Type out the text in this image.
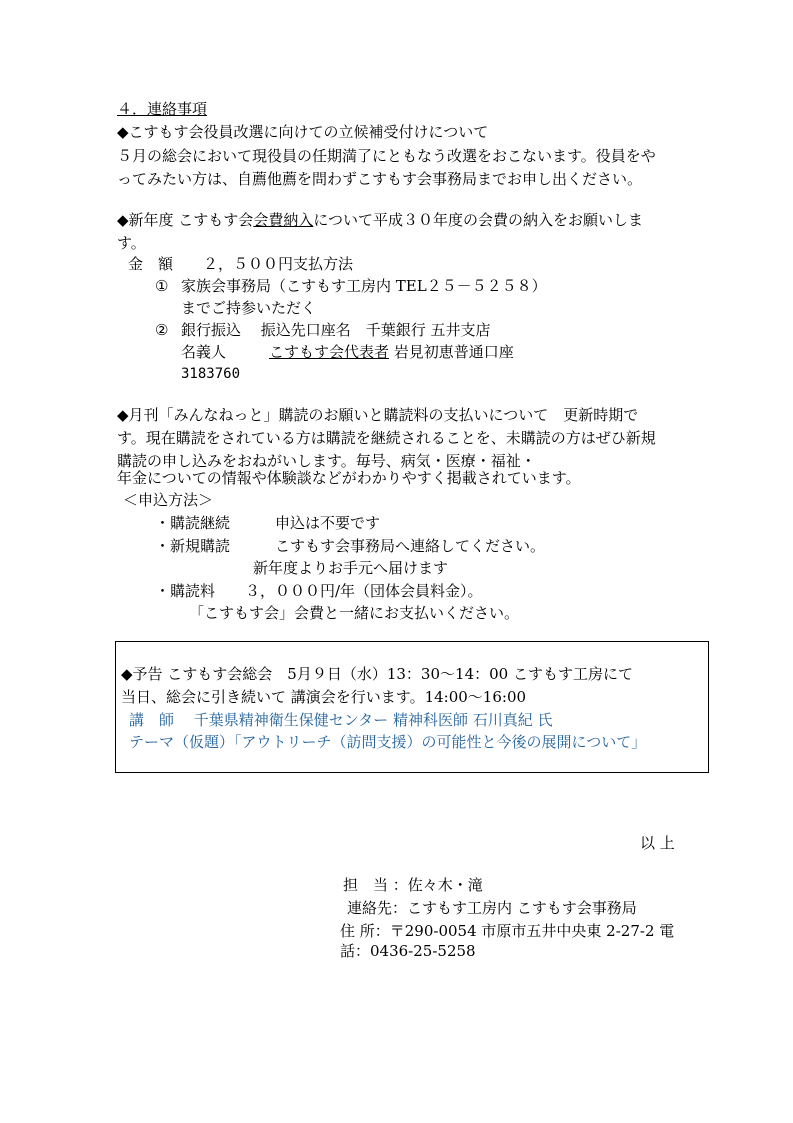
４．連絡事項
◆こすもす会役員改選に向けての立候補受付けについて
５月の総会において現役員の任期満了にともなう改選をおこないます。役員をや
ってみたい方は、自薦他薦を問わずこすもす会事務局までお申し出ください。
◆新年度 こすもす会会費納入について平成３０年度の会費の納入をお願いしま
す。
金　額　　２，５００円支払方法
① 家族会事務局（こすもす工房内 TEL２５－５２５８）
までご持参いただく
② 銀行振込　 振込先口座名　千葉銀行 五井支店
名義人	こすもす会代表者 岩見初恵普通口座
3183760
◆月刊「みんなねっと」購読のお願いと購読料の支払いについて　更新時期で
す。現在購読をされている方は購読を継続されることを、未購読の方はぜひ新規
購読の申し込みをおねがいします。毎号、病気・医療・福祉・
年金についての情報や体験談などがわかりやすく掲載されています。
＜申込方法＞
・購読継続　　　申込は不要です
・新規購読　　　こすもす会事務局へ連絡してください。
新年度よりお手元へ届けます
・購読料　　３，０００円/年（団体会員料金）。
「こすもす会」会費と一緒にお支払いください。
◆予告 こすもす会総会　5月９日（水）13：30～14：00 こすもす工房にて
当日、総会に引き続いて 講演会を行います。14:00～16:00
講　師　 千葉県精神衛生保健センター 精神科医師 石川真紀 氏
テーマ（仮題）「アウトリーチ（訪問支援）の可能性と今後の展開について」
以 上
担　当 ：佐々木・滝
連絡先：こすもす工房内 こすもす会事務局
住 所：〒290-0054 市原市五井中央東 2-27-2 電
話：0436-25-5258
